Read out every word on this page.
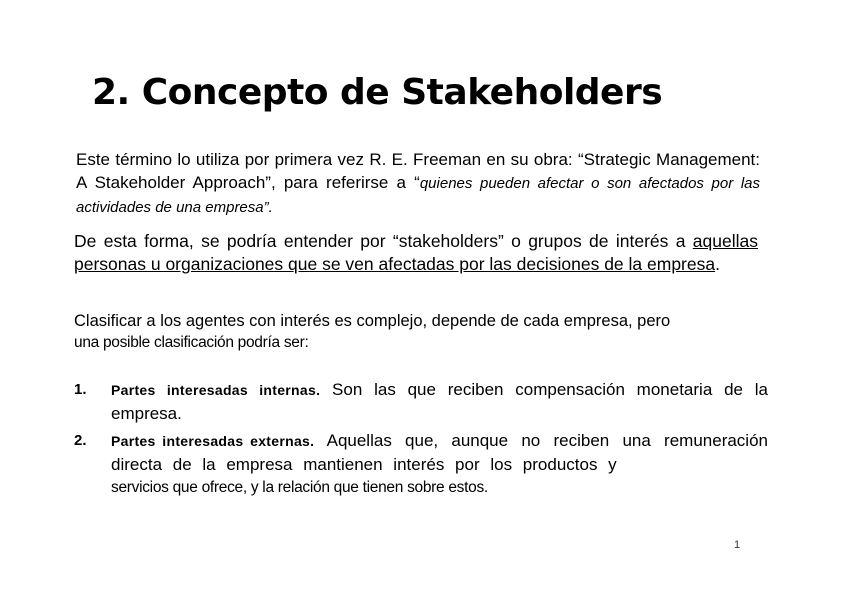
2. Concepto de Stakeholders

Este término lo utiliza por primera vez R. E. Freeman en su obra: “Strategic Management: A Stakeholder Approach”, para referirse a “quienes pueden afectar o son afectados por las actividades de una empresa”.

De esta forma, se podría entender por “stakeholders” o grupos de interés a aquellas personas u organizaciones que se ven afectadas por las decisiones de la empresa.

Clasificar a los agentes con interés es complejo, depende de cada empresa, pero
una posible clasificación podría ser:

1. Partes interesadas internas. Son las que reciben compensación monetaria de la empresa.
2. Partes interesadas externas. Aquellas que, aunque no reciben una remuneración directa de la empresa mantienen interés por los productos y
servicios que ofrece, y la relación que tienen sobre estos.
1
